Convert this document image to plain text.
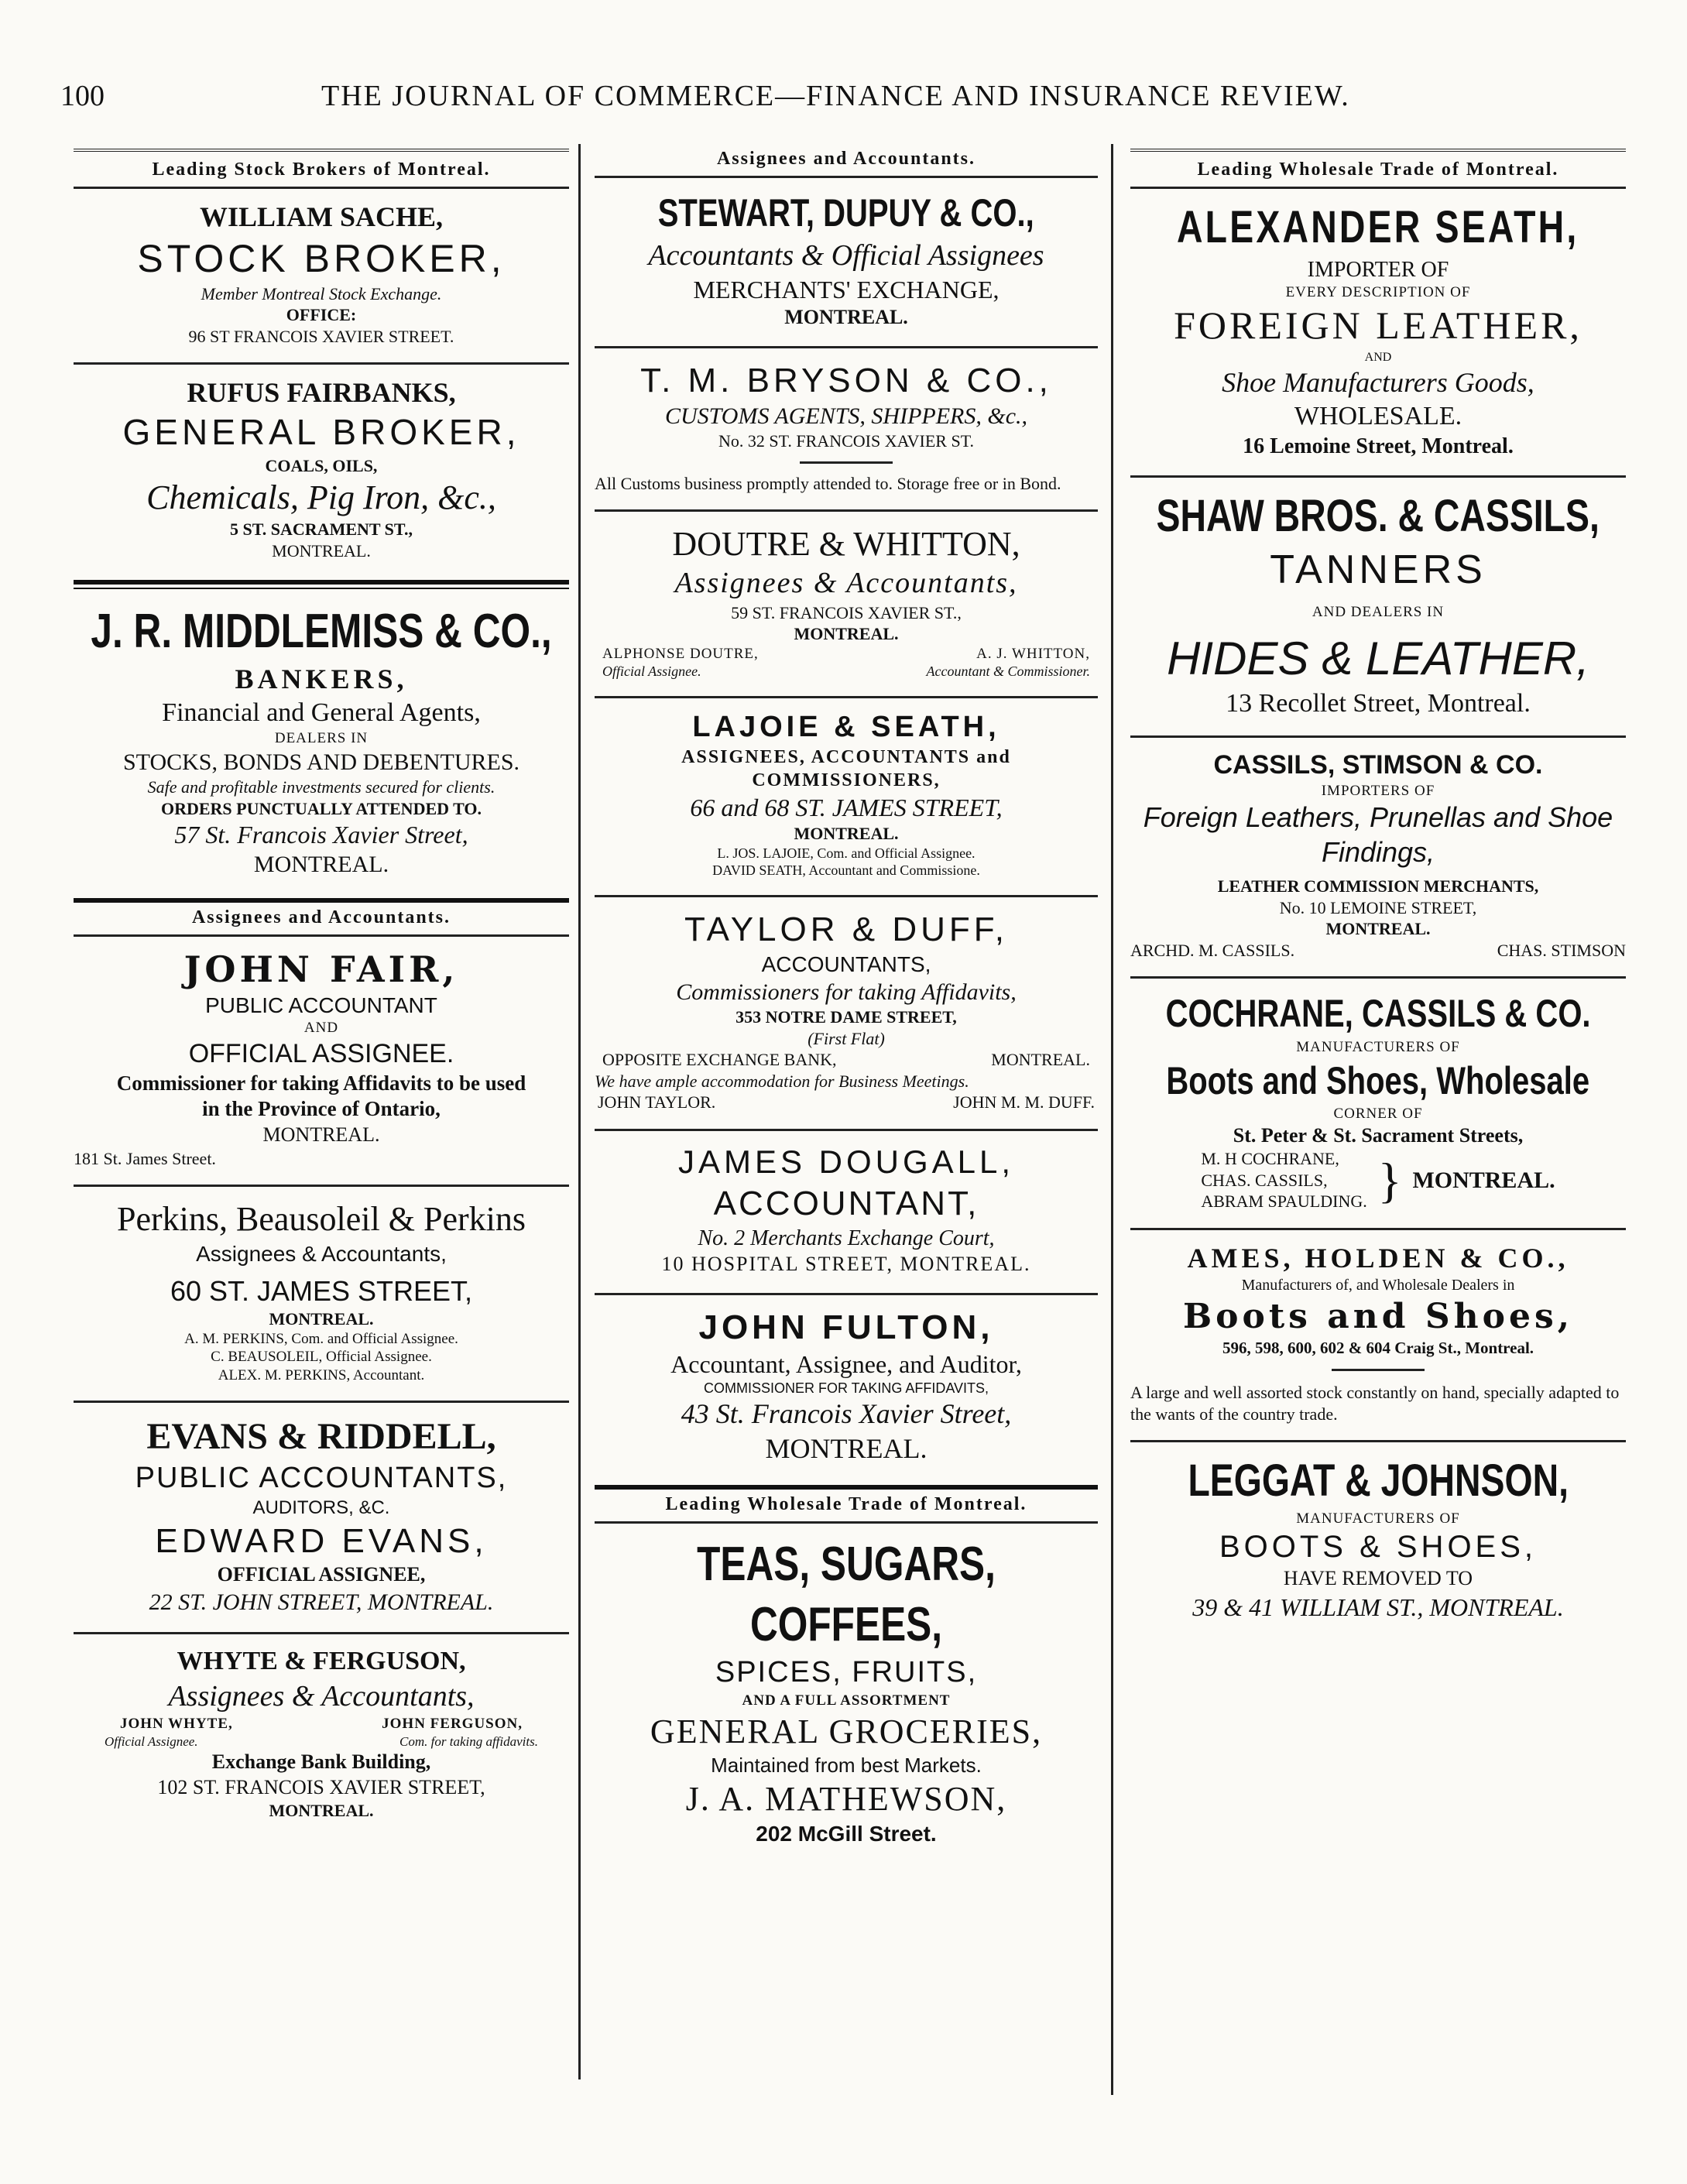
100	THE JOURNAL OF COMMERCE—FINANCE AND INSURANCE REVIEW.
Leading Stock Brokers of Montreal.
WILLIAM SACHE,
STOCK BROKER,
Member Montreal Stock Exchange.
OFFICE:
96 ST FRANCOIS XAVIER STREET.
RUFUS FAIRBANKS,
GENERAL BROKER,
COALS, OILS,
Chemicals, Pig Iron, &c.,
5 ST. SACRAMENT ST.,
MONTREAL.
J. R. MIDDLEMISS & CO.,
BANKERS,
Financial and General Agents,
DEALERS IN
STOCKS, BONDS AND DEBENTURES.
Safe and profitable investments secured for clients.
ORDERS PUNCTUALLY ATTENDED TO.
57 St. Francois Xavier Street,
MONTREAL.
Assignees and Accountants.
JOHN FAIR,
PUBLIC ACCOUNTANT
AND
OFFICIAL ASSIGNEE.
Commissioner for taking Affidavits to be used
in the Province of Ontario,
MONTREAL.
181 St. James Street.
Perkins, Beausoleil & Perkins
Assignees & Accountants,
60 ST. JAMES STREET,
MONTREAL.
A. M. PERKINS, Com. and Official Assignee.
C. BEAUSOLEIL, Official Assignee.
ALEX. M. PERKINS, Accountant.
EVANS & RIDDELL,
PUBLIC ACCOUNTANTS,
AUDITORS, &C.
EDWARD EVANS,
OFFICIAL ASSIGNEE,
22 ST. JOHN STREET, MONTREAL.
WHYTE & FERGUSON,
Assignees & Accountants,
JOHN WHYTE,	JOHN FERGUSON,
Official Assignee.	Com. for taking affidavits.
Exchange Bank Building,
102 ST. FRANCOIS XAVIER STREET,
MONTREAL.
Assignees and Accountants.
STEWART, DUPUY & CO.,
Accountants & Official Assignees
MERCHANTS' EXCHANGE,
MONTREAL.
T. M. BRYSON & CO.,
CUSTOMS AGENTS, SHIPPERS, &c.,
No. 32 ST. FRANCOIS XAVIER ST.
All Customs business promptly attended to. Storage free or in Bond.
DOUTRE & WHITTON,
Assignees & Accountants,
59 ST. FRANCOIS XAVIER ST.,
MONTREAL.
ALPHONSE DOUTRE,	A. J. WHITTON,
Official Assignee.	Accountant & Commissioner.
LAJOIE & SEATH,
ASSIGNEES, ACCOUNTANTS and COMMISSIONERS,
66 and 68 ST. JAMES STREET,
MONTREAL.
L. JOS. LAJOIE, Com. and Official Assignee.
DAVID SEATH, Accountant and Commissione.
TAYLOR & DUFF,
ACCOUNTANTS,
Commissioners for taking Affidavits,
353 NOTRE DAME STREET,
(First Flat)
OPPOSITE EXCHANGE BANK,	MONTREAL.
We have ample accommodation for Business Meetings.
JOHN TAYLOR.	JOHN M. M. DUFF.
JAMES DOUGALL,
ACCOUNTANT,
No. 2 Merchants Exchange Court,
10 HOSPITAL STREET, MONTREAL.
JOHN FULTON,
Accountant, Assignee, and Auditor,
COMMISSIONER FOR TAKING AFFIDAVITS,
43 St. Francois Xavier Street,
MONTREAL.
Leading Wholesale Trade of Montreal.
TEAS, SUGARS, COFFEES,
SPICES, FRUITS,
AND A FULL ASSORTMENT
GENERAL GROCERIES,
Maintained from best Markets.
J. A. MATHEWSON,
202 McGill Street.
Leading Wholesale Trade of Montreal.
ALEXANDER SEATH,
IMPORTER OF
EVERY DESCRIPTION OF
FOREIGN LEATHER,
AND
Shoe Manufacturers Goods,
WHOLESALE.
16 Lemoine Street, Montreal.
SHAW BROS. & CASSILS,
TANNERS
AND DEALERS IN
HIDES & LEATHER,
13 Recollet Street, Montreal.
CASSILS, STIMSON & CO.
IMPORTERS OF
Foreign Leathers, Prunellas and Shoe Findings,
LEATHER COMMISSION MERCHANTS,
No. 10 LEMOINE STREET,
MONTREAL.
ARCHD. M. CASSILS.	CHAS. STIMSON
COCHRANE, CASSILS & CO.
MANUFACTURERS OF
Boots and Shoes, Wholesale
CORNER OF
St. Peter & St. Sacrament Streets,
M. H COCHRANE,
CHAS. CASSILS,
ABRAM SPAULDING. } MONTREAL.
AMES, HOLDEN & CO.,
Manufacturers of, and Wholesale Dealers in
Boots and Shoes,
596, 598, 600, 602 & 604 Craig St., Montreal.
A large and well assorted stock constantly on hand, specially adapted to the wants of the country trade.
LEGGAT & JOHNSON,
MANUFACTURERS OF
BOOTS & SHOES,
HAVE REMOVED TO
39 & 41 WILLIAM ST., MONTREAL.
